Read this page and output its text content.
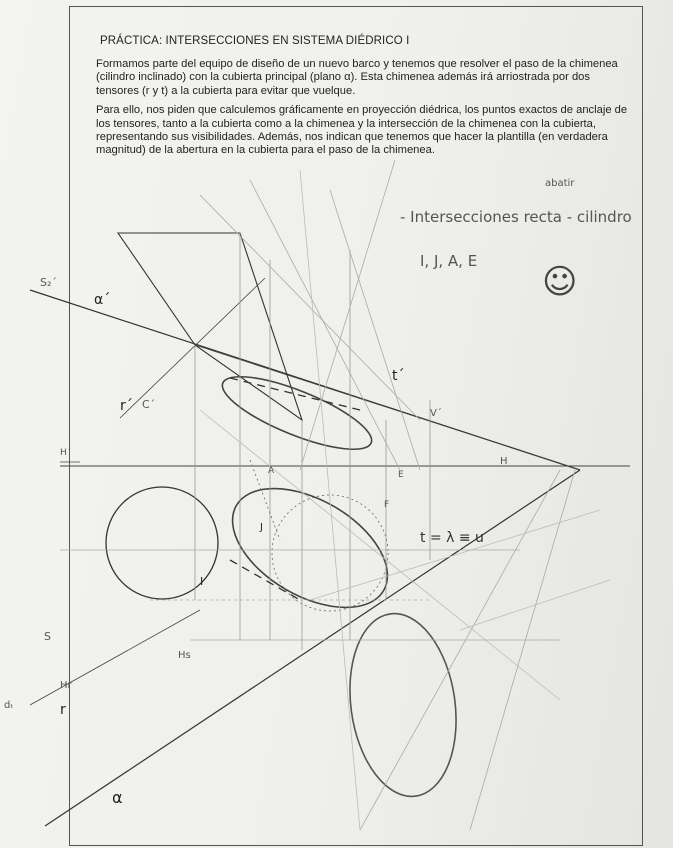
PRÁCTICA: INTERSECCIONES EN SISTEMA DIÉDRICO I

Formamos parte del equipo de diseño de un nuevo barco y tenemos que resolver el paso de la chimenea (cilindro inclinado) con la cubierta principal (plano α). Esta chimenea además irá arriostrada por dos tensores (r y t) a la cubierta para evitar que vuelque.

Para ello, nos piden que calculemos gráficamente en proyección diédrica, los puntos exactos de anclaje de los tensores, tanto a la cubierta como a la chimenea y la intersección de la chimenea con la cubierta, representando sus visibilidades. Además, nos indican que tenemos que hacer la plantilla (en verdadera magnitud) de la abertura en la cubierta para el paso de la chimenea.

- Intersecciones recta - cilindro
I, J, A, E
abatir
☺
α´
α
r´
r
t´
t = λ ≡ u
S₂´
C´
H´
Hs
Hr
V´
H
dₜ
S
J
I
E
F
A
